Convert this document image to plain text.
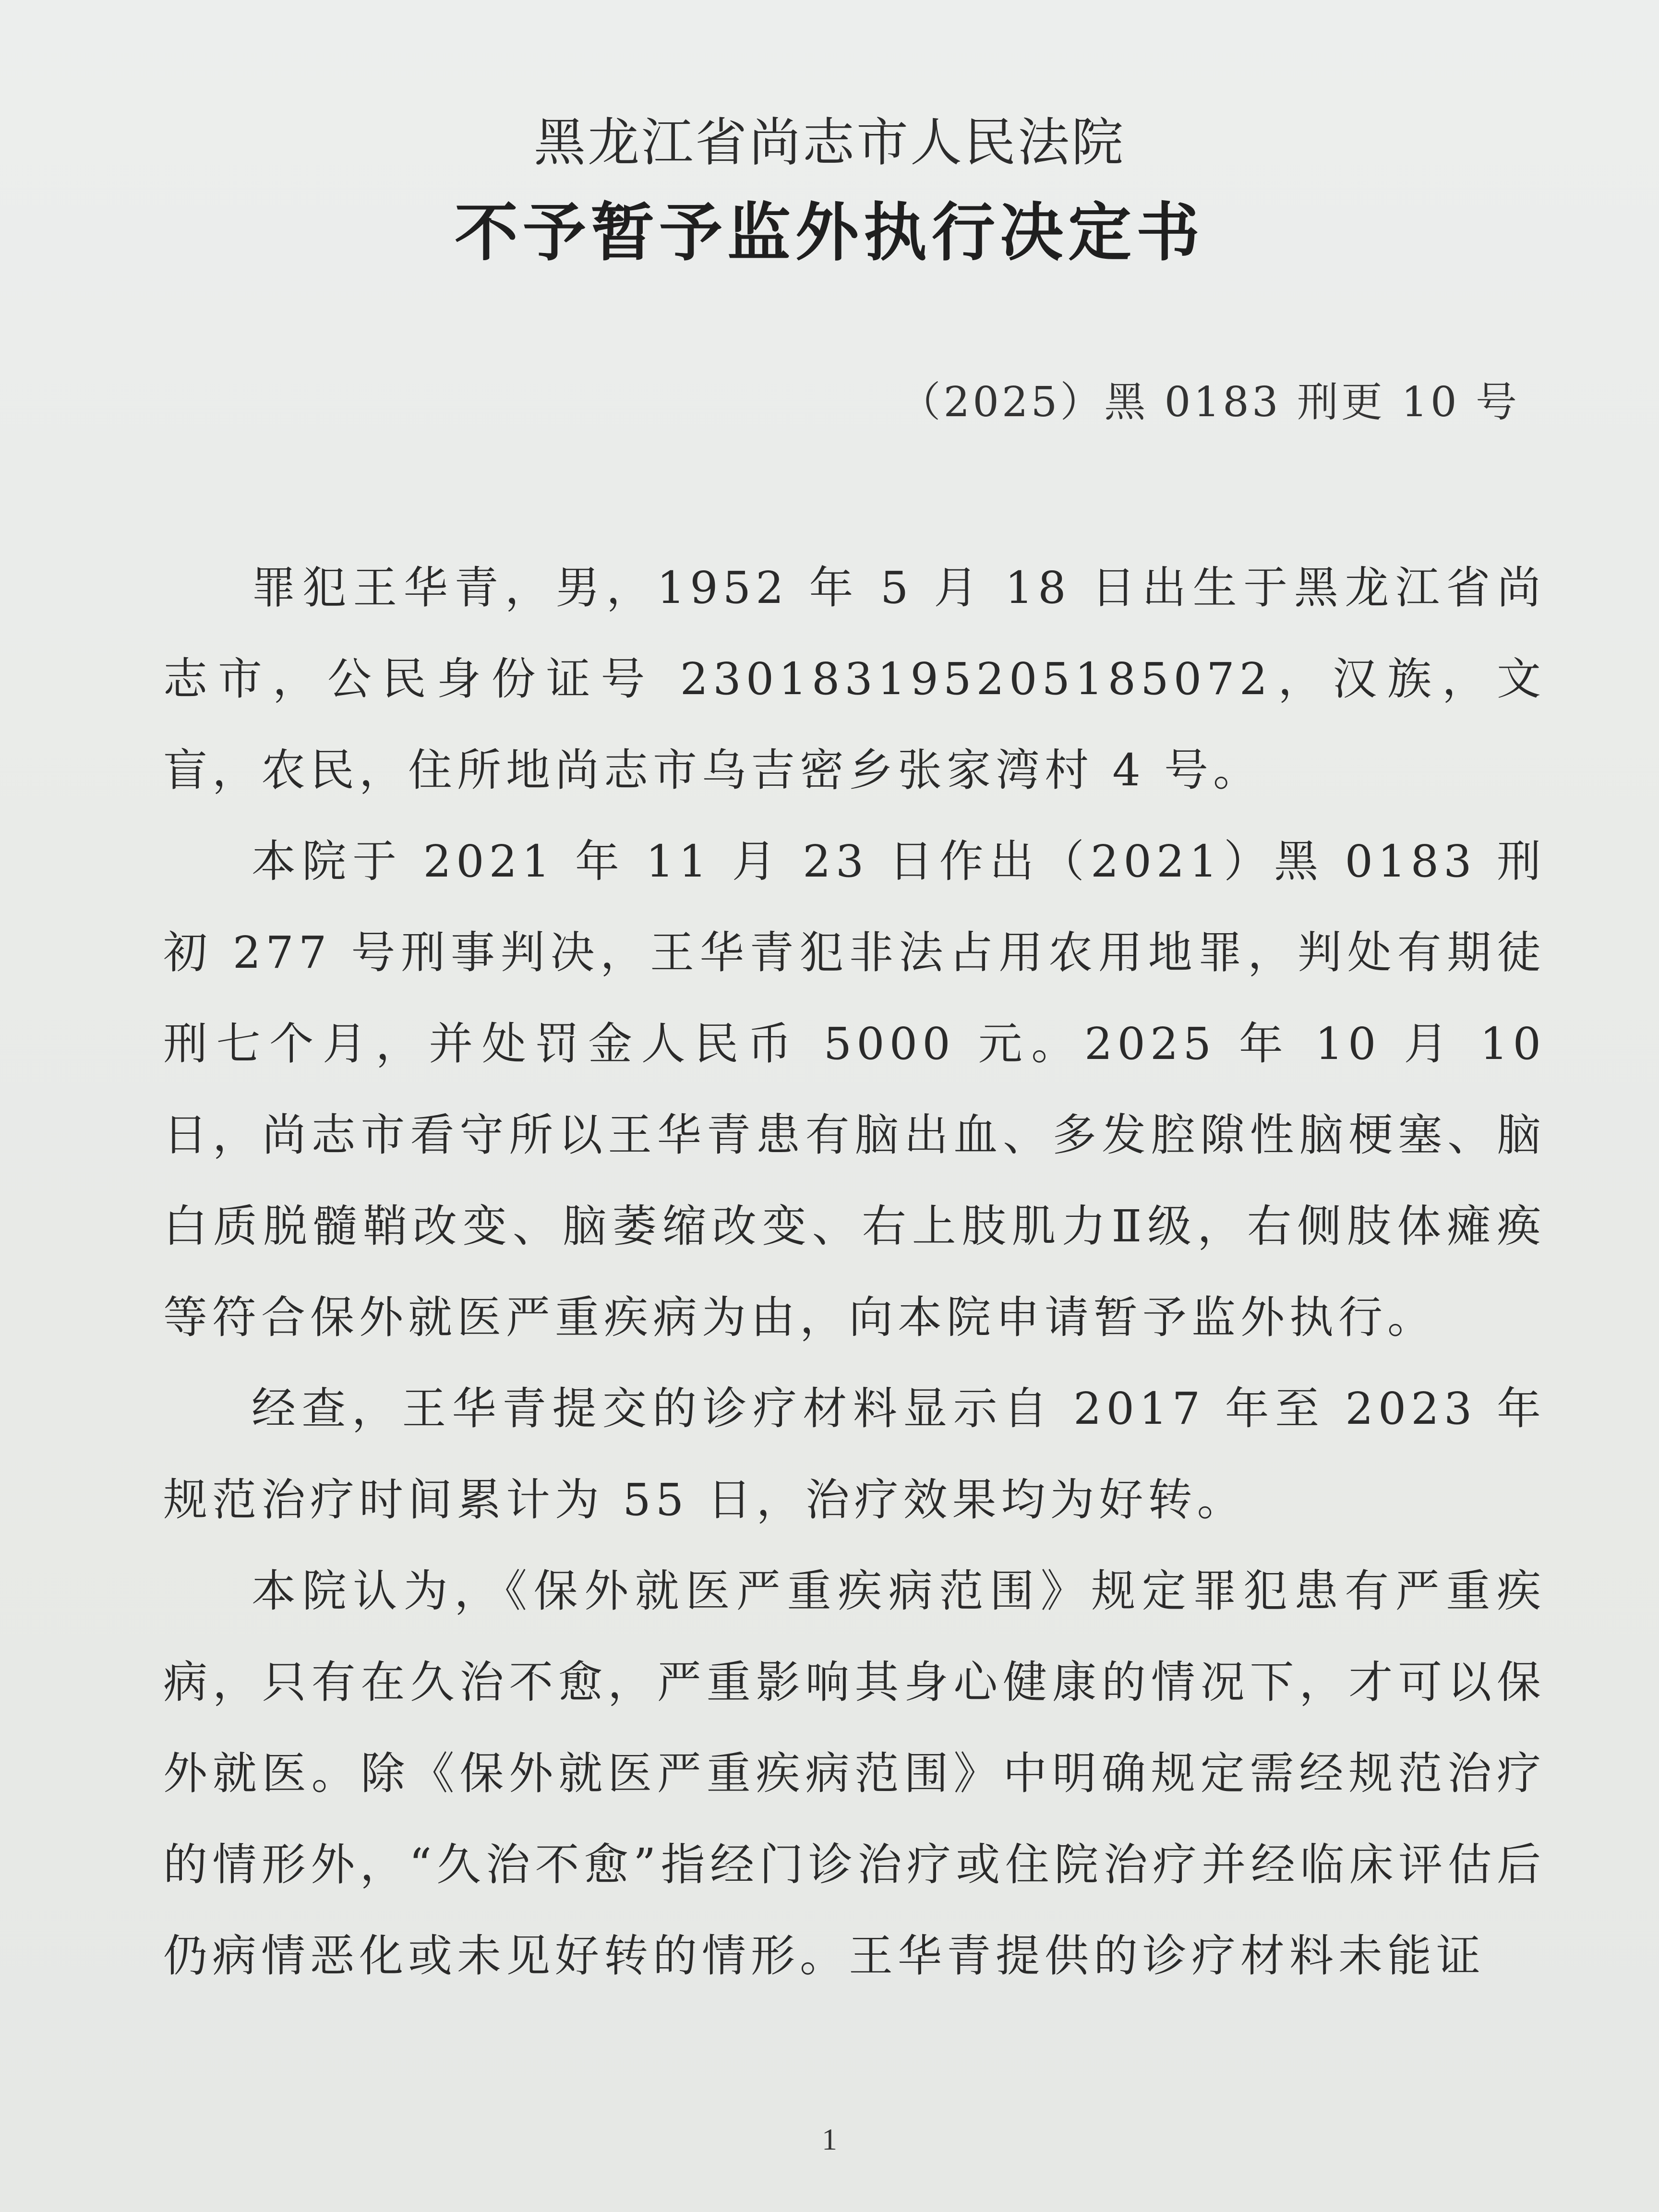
黑龙江省尚志市人民法院
不予暂予监外执行决定书
（2025）黑 0183 刑更 10 号

罪犯王华青，男，1952 年 5 月 18 日出生于黑龙江省尚志市，公民身份证号 230183195205185072，汉族，文盲，农民，住所地尚志市乌吉密乡张家湾村 4 号。

本院于 2021 年 11 月 23 日作出（2021）黑 0183 刑初 277 号刑事判决，王华青犯非法占用农用地罪，判处有期徒刑七个月，并处罚金人民币 5000 元。2025 年 10 月 10 日，尚志市看守所以王华青患有脑出血、多发腔隙性脑梗塞、脑白质脱髓鞘改变、脑萎缩改变、右上肢肌力Ⅱ级，右侧肢体瘫痪等符合保外就医严重疾病为由，向本院申请暂予监外执行。

经查，王华青提交的诊疗材料显示自 2017 年至 2023 年规范治疗时间累计为 55 日，治疗效果均为好转。

本院认为，《保外就医严重疾病范围》规定罪犯患有严重疾病，只有在久治不愈，严重影响其身心健康的情况下，才可以保外就医。除《保外就医严重疾病范围》中明确规定需经规范治疗的情形外，“久治不愈”指经门诊治疗或住院治疗并经临床评估后仍病情恶化或未见好转的情形。王华青提供的诊疗材料未能证

1
